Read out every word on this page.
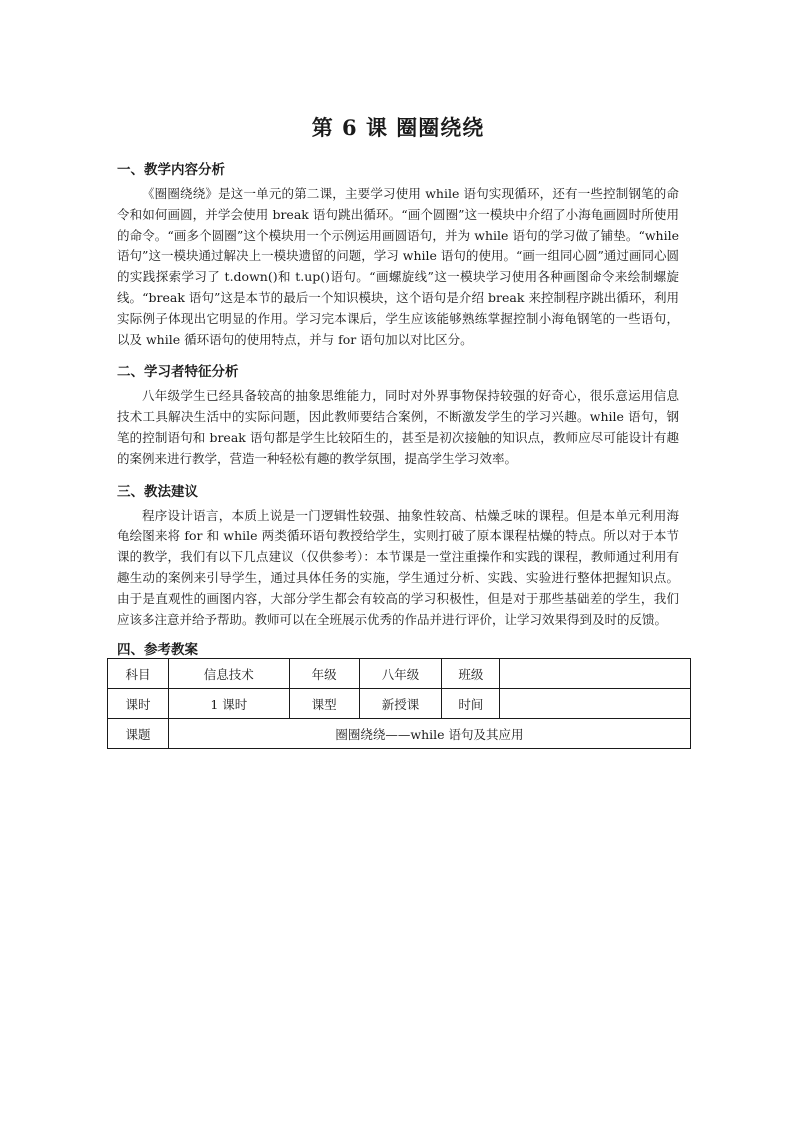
第 6 课 圈圈绕绕
一、教学内容分析

《圈圈绕绕》是这一单元的第二课，主要学习使用 while 语句实现循环，还有一些控制钢笔的命令和如何画圆，并学会使用 break 语句跳出循环。“画个圆圈”这一模块中介绍了小海龟画圆时所使用的命令。“画多个圆圈”这个模块用一个示例运用画圆语句，并为 while 语句的学习做了铺垫。“while 语句”这一模块通过解决上一模块遗留的问题，学习 while 语句的使用。“画一组同心圆”通过画同心圆的实践探索学习了 t.down()和 t.up()语句。“画螺旋线”这一模块学习使用各种画图命令来绘制螺旋线。“break 语句”这是本节的最后一个知识模块，这个语句是介绍 break 来控制程序跳出循环，利用实际例子体现出它明显的作用。学习完本课后，学生应该能够熟练掌握控制小海龟钢笔的一些语句，以及 while 循环语句的使用特点，并与 for 语句加以对比区分。

二、学习者特征分析

八年级学生已经具备较高的抽象思维能力，同时对外界事物保持较强的好奇心，很乐意运用信息技术工具解决生活中的实际问题，因此教师要结合案例，不断激发学生的学习兴趣。while 语句，钢笔的控制语句和 break 语句都是学生比较陌生的，甚至是初次接触的知识点，教师应尽可能设计有趣的案例来进行教学，营造一种轻松有趣的教学氛围，提高学生学习效率。

三、教法建议

程序设计语言，本质上说是一门逻辑性较强、抽象性较高、枯燥乏味的课程。但是本单元利用海龟绘图来将 for 和 while 两类循环语句教授给学生，实则打破了原本课程枯燥的特点。所以对于本节课的教学，我们有以下几点建议（仅供参考）：本节课是一堂注重操作和实践的课程，教师通过利用有趣生动的案例来引导学生，通过具体任务的实施，学生通过分析、实践、实验进行整体把握知识点。由于是直观性的画图内容，大部分学生都会有较高的学习积极性，但是对于那些基础差的学生，我们应该多注意并给予帮助。教师可以在全班展示优秀的作品并进行评价，让学习效果得到及时的反馈。

四、参考教案
科目	信息技术	年级	八年级	班级	
课时	1 课时	课型	新授课	时间	
课题	圈圈绕绕——while 语句及其应用				
